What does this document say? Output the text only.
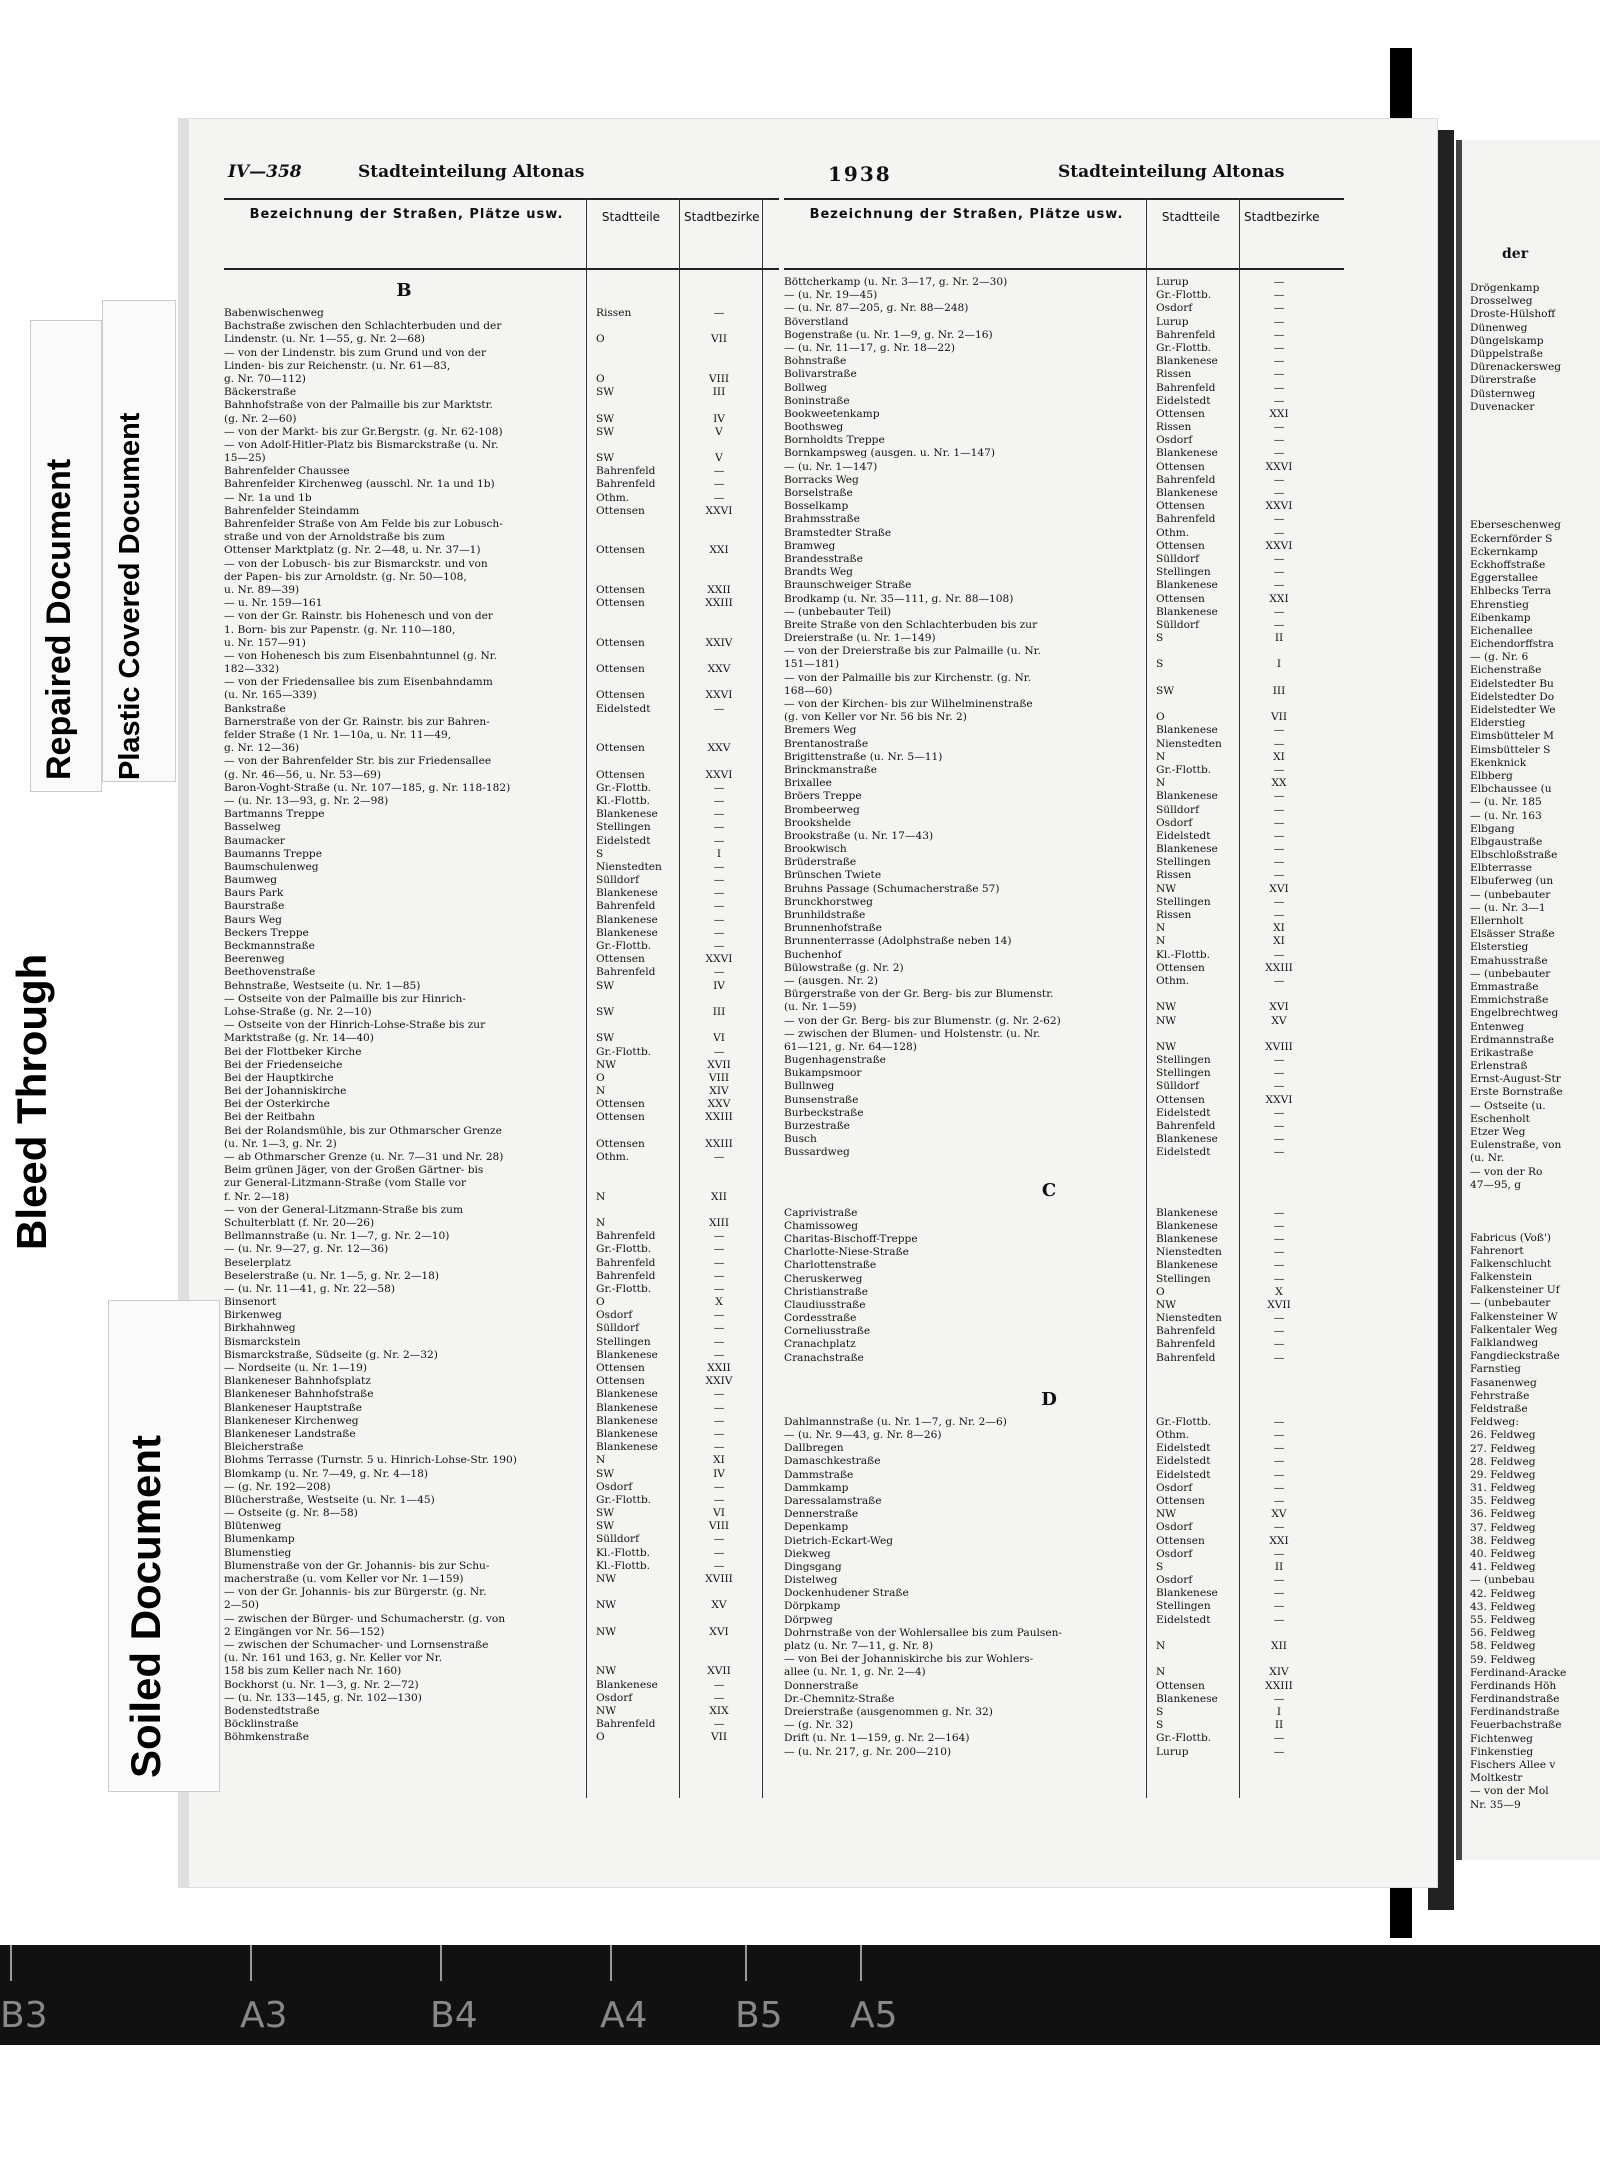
IV—358	Stadteinteilung Altonas	1938	Stadteinteilung Altonas
Bezeichnung der Straßen, Plätze usw.	Stadtteile	Stadtbezirke
B
Babenwischenweg	Rissen	—
Bachstraße zwischen den Schlachterbuden und der
Lindenstr. (u. Nr. 1—55, g. Nr. 2—68)	O	VII
— von der Lindenstr. bis zum Grund und von der
Linden- bis zur Reichenstr. (u. Nr. 61—83,
g. Nr. 70—112)	O	VIII
Bäckerstraße	SW	III
Bahnhofstraße von der Palmaille bis zur Marktstr.
(g. Nr. 2—60)	SW	IV
— von der Markt- bis zur Gr.Bergstr. (g. Nr. 62-108)	SW	V
— von Adolf-Hitler-Platz bis Bismarckstraße (u. Nr.
15—25)	SW	V
Bahrenfelder Chaussee	Bahrenfeld	—
Bahrenfelder Kirchenweg (ausschl. Nr. 1a und 1b)	Bahrenfeld	—
— Nr. 1a und 1b	Othm.	—
Bahrenfelder Steindamm	Ottensen	XXVI
Bahrenfelder Straße von Am Felde bis zur Lobusch-
straße und von der Arnoldstraße bis zum
Ottenser Marktplatz (g. Nr. 2—48, u. Nr. 37—1)	Ottensen	XXI
— von der Lobusch- bis zur Bismarckstr. und von
der Papen- bis zur Arnoldstr. (g. Nr. 50—108,
u. Nr. 89—39)	Ottensen	XXII
— u. Nr. 159—161	Ottensen	XXIII
— von der Gr. Rainstr. bis Hohenesch und von der
1. Born- bis zur Papenstr. (g. Nr. 110—180,
u. Nr. 157—91)	Ottensen	XXIV
— von Hohenesch bis zum Eisenbahntunnel (g. Nr.
182—332)	Ottensen	XXV
— von der Friedensallee bis zum Eisenbahndamm
(u. Nr. 165—339)	Ottensen	XXVI
Bankstraße	Eidelstedt	—
Barnerstraße von der Gr. Rainstr. bis zur Bahren-
felder Straße (1 Nr. 1—10a, u. Nr. 11—49,
g. Nr. 12—36)	Ottensen	XXV
— von der Bahrenfelder Str. bis zur Friedensallee
(g. Nr. 46—56, u. Nr. 53—69)	Ottensen	XXVI
Baron-Voght-Straße (u. Nr. 107—185, g. Nr. 118-182)	Gr.-Flottb.	—
— (u. Nr. 13—93, g. Nr. 2—98)	Kl.-Flottb.	—
Bartmanns Treppe	Blankenese	—
Basselweg	Stellingen	—
Baumacker	Eidelstedt	—
Baumanns Treppe	S	I
Baumschulenweg	Nienstedten	—
Baumweg	Sülldorf	—
Baurs Park	Blankenese	—
Baurstraße	Bahrenfeld	—
Baurs Weg	Blankenese	—
Beckers Treppe	Blankenese	—
Beckmannstraße	Gr.-Flottb.	—
Beerenweg	Ottensen	XXVI
Beethovenstraße	Bahrenfeld	—
Behnstraße, Westseite (u. Nr. 1—85)	SW	IV
— Ostseite von der Palmaille bis zur Hinrich-
Lohse-Straße (g. Nr. 2—10)	SW	III
— Ostseite von der Hinrich-Lohse-Straße bis zur
Marktstraße (g. Nr. 14—40)	SW	VI
Bei der Flottbeker Kirche	Gr.-Flottb.	—
Bei der Friedenseiche	NW	XVII
Bei der Hauptkirche	O	VIII
Bei der Johanniskirche	N	XIV
Bei der Osterkirche	Ottensen	XXV
Bei der Reitbahn	Ottensen	XXIII
Bei der Rolandsmühle, bis zur Othmarscher Grenze
(u. Nr. 1—3, g. Nr. 2)	Ottensen	XXIII
— ab Othmarscher Grenze (u. Nr. 7—31 und Nr. 28)	Othm.	—
Beim grünen Jäger, von der Großen Gärtner- bis
zur General-Litzmann-Straße (vom Stalle vor
f. Nr. 2—18)	N	XII
— von der General-Litzmann-Straße bis zum
Schulterblatt (f. Nr. 20—26)	N	XIII
Bellmannstraße (u. Nr. 1—7, g. Nr. 2—10)	Bahrenfeld	—
— (u. Nr. 9—27, g. Nr. 12—36)	Gr.-Flottb.	—
Beselerplatz	Bahrenfeld	—
Beselerstraße (u. Nr. 1—5, g. Nr. 2—18)	Bahrenfeld	—
— (u. Nr. 11—41, g. Nr. 22—58)	Gr.-Flottb.	—
Binsenort	O	X
Birkenweg	Osdorf	—
Birkhahnweg	Sülldorf	—
Bismarckstein	Stellingen	—
Bismarckstraße, Südseite (g. Nr. 2—32)	Blankenese	—
— Nordseite (u. Nr. 1—19)	Ottensen	XXII
Blankeneser Bahnhofsplatz	Ottensen	XXIV
Blankeneser Bahnhofstraße	Blankenese	—
Blankeneser Hauptstraße	Blankenese	—
Blankeneser Kirchenweg	Blankenese	—
Blankeneser Landstraße	Blankenese	—
Bleicherstraße	Blankenese	—
Blohms Terrasse (Turnstr. 5 u. Hinrich-Lohse-Str. 190)	N	XI
Blomkamp (u. Nr. 7—49, g. Nr. 4—18)	SW	IV
— (g. Nr. 192—208)	Osdorf	—
Blücherstraße, Westseite (u. Nr. 1—45)	Gr.-Flottb.	—
— Ostseite (g. Nr. 8—58)	SW	VI
Blütenweg	SW	VIII
Blumenkamp	Sülldorf	—
Blumenstieg	Kl.-Flottb.	—
Blumenstraße von der Gr. Johannis- bis zur Schu-	Kl.-Flottb.	—
macherstraße (u. vom Keller vor Nr. 1—159)	NW	XVIII
— von der Gr. Johannis- bis zur Bürgerstr. (g. Nr.
2—50)	NW	XV
— zwischen der Bürger- und Schumacherstr. (g. von
2 Eingängen vor Nr. 56—152)	NW	XVI
— zwischen der Schumacher- und Lornsenstraße
(u. Nr. 161 und 163, g. Nr. Keller vor Nr.
158 bis zum Keller nach Nr. 160)	NW	XVII
Bockhorst (u. Nr. 1—3, g. Nr. 2—72)	Blankenese	—
— (u. Nr. 133—145, g. Nr. 102—130)	Osdorf	—
Bodenstedtstraße	NW	XIX
Böcklinstraße	Bahrenfeld	—
Böhmkenstraße	O	VII
Bezeichnung der Straßen, Plätze usw.	Stadtteile	Stadtbezirke
Böttcherkamp (u. Nr. 3—17, g. Nr. 2—30)	Lurup	—
— (u. Nr. 19—45)	Gr.-Flottb.	—
— (u. Nr. 87—205, g. Nr. 88—248)	Osdorf	—
Böverstland	Lurup	—
Bogenstraße (u. Nr. 1—9, g. Nr. 2—16)	Bahrenfeld	—
— (u. Nr. 11—17, g. Nr. 18—22)	Gr.-Flottb.	—
Bohnstraße	Blankenese	—
Bolivarstraße	Rissen	—
Bollweg	Bahrenfeld	—
Boninstraße	Eidelstedt	—
Bookweetenkamp	Ottensen	XXI
Boothsweg	Rissen	—
Bornholdts Treppe	Osdorf	—
Bornkampsweg (ausgen. u. Nr. 1—147)	Blankenese	—
— (u. Nr. 1—147)	Ottensen	XXVI
Borracks Weg	Bahrenfeld	—
Borselstraße	Blankenese	—
Bosselkamp	Ottensen	XXVI
Brahmsstraße	Bahrenfeld	—
Bramstedter Straße	Othm.	—
Bramweg	Ottensen	XXVI
Brandesstraße	Sülldorf	—
Brandts Weg	Stellingen	—
Braunschweiger Straße	Blankenese	—
Brodkamp (u. Nr. 35—111, g. Nr. 88—108)	Ottensen	XXI
— (unbebauter Teil)	Blankenese	—
Breite Straße von den Schlachterbuden bis zur	Sülldorf	—
Dreierstraße (u. Nr. 1—149)	S	II
— von der Dreierstraße bis zur Palmaille (u. Nr.
151—181)	S	I
— von der Palmaille bis zur Kirchenstr. (g. Nr.
168—60)	SW	III
— von der Kirchen- bis zur Wilhelminenstraße
(g. von Keller vor Nr. 56 bis Nr. 2)	O	VII
Bremers Weg	Blankenese	—
Brentanostraße	Nienstedten	—
Brigittenstraße (u. Nr. 5—11)	N	XI
Brinckmanstraße	Gr.-Flottb.	—
Brixallee	N	XX
Bröers Treppe	Blankenese	—
Brombeerweg	Sülldorf	—
Brookshelde	Osdorf	—
Brookstraße (u. Nr. 17—43)	Eidelstedt	—
Brookwisch	Blankenese	—
Brüderstraße	Stellingen	—
Brünschen Twiete	Rissen	—
Bruhns Passage (Schumacherstraße 57)	NW	XVI
Brunckhorstweg	Stellingen	—
Brunhildstraße	Rissen	—
Brunnenhofstraße	N	XI
Brunnenterrasse (Adolphstraße neben 14)	N	XI
Buchenhof	Kl.-Flottb.	—
Bülowstraße (g. Nr. 2)	Ottensen	XXIII
— (ausgen. Nr. 2)	Othm.	—
Bürgerstraße von der Gr. Berg- bis zur Blumenstr.
(u. Nr. 1—59)	NW	XVI
— von der Gr. Berg- bis zur Blumenstr. (g. Nr. 2-62)	NW	XV
— zwischen der Blumen- und Holstenstr. (u. Nr.
61—121, g. Nr. 64—128)	NW	XVIII
Bugenhagenstraße	Stellingen	—
Bukampsmoor	Stellingen	—
Bullnweg	Sülldorf	—
Bunsenstraße	Ottensen	XXVI
Burbeckstraße	Eidelstedt	—
Burzestraße	Bahrenfeld	—
Busch	Blankenese	—
Bussardweg	Eidelstedt	—
C
Caprivistraße	Blankenese	—
Chamissoweg	Blankenese	—
Charitas-Bischoff-Treppe	Blankenese	—
Charlotte-Niese-Straße	Nienstedten	—
Charlottenstraße	Blankenese	—
Cheruskerweg	Stellingen	—
Christianstraße	O	X
Claudiusstraße	NW	XVII
Cordesstraße	Nienstedten	—
Corneliusstraße	Bahrenfeld	—
Cranachplatz	Bahrenfeld	—
Cranachstraße	Bahrenfeld	—
D
Dahlmannstraße (u. Nr. 1—7, g. Nr. 2—6)	Gr.-Flottb.	—
— (u. Nr. 9—43, g. Nr. 8—26)	Othm.	—
Dallbregen	Eidelstedt	—
Damaschkestraße	Eidelstedt	—
Dammstraße	Eidelstedt	—
Dammkamp	Osdorf	—
Daressalamstraße	Ottensen	—
Dennerstraße	NW	XV
Depenkamp	Osdorf	—
Dietrich-Eckart-Weg	Ottensen	XXI
Diekweg	Osdorf	—
Dingsgang	S	II
Distelweg	Osdorf	—
Dockenhudener Straße	Blankenese	—
Dörpkamp	Stellingen	—
Dörpweg	Eidelstedt	—
Dohrnstraße von der Wohlersallee bis zum Paulsen-
platz (u. Nr. 7—11, g. Nr. 8)	N	XII
— von Bei der Johanniskirche bis zur Wohlers-
allee (u. Nr. 1, g. Nr. 2—4)	N	XIV
Donnerstraße	Ottensen	XXIII
Dr.-Chemnitz-Straße	Blankenese	—
Dreierstraße (ausgenommen g. Nr. 32)	S	I
— (g. Nr. 32)	S	II
Drift (u. Nr. 1—159, g. Nr. 2—164)	Gr.-Flottb.	—
— (u. Nr. 217, g. Nr. 200—210)	Lurup	—
der
Drögenkamp
Drosselweg
Droste-Hülshoff
Dünenweg
Düngelskamp
Düppelstraße
Dürenackersweg
Dürerstraße
Düsternweg
Duvenacker
Eberseschenweg
Eckernförder S
Eckernkamp
Eckhoffstraße
Eggerstallee
Ehlbecks Terra
Ehrenstieg
Eibenkamp
Eichenallee
Eichendorffstra
— (g. Nr. 6
Eichenstraße
Eidelstedter Bu
Eidelstedter Do
Eidelstedter We
Elderstieg
Eimsbütteler M
Eimsbütteler S
Ekenknick
Elbberg
Elbchaussee (u
— (u. Nr. 185
— (u. Nr. 163
Elbgang
Elbgaustraße
Elbschloßstraße
Elbterrasse
Elbuferweg (un
— (unbebauter
— (u. Nr. 3—1
Ellernholt
Elsässer Straße
Elsterstieg
Emahusstraße
— (unbebauter
Emmastraße
Emmichstraße
Engelbrechtweg
Entenweg
Erdmannstraße
Erikastraße
Erlenstraß
Ernst-August-Str
Erste Bornstraße
— Ostseite (u.
Eschenholt
Etzer Weg
Eulenstraße, von
(u. Nr.
— von der Ro
47—95, g
Fabricus (Voß')
Fahrenort
Falkenschlucht
Falkenstein
Falkensteiner Uf
— (unbebauter
Falkensteiner W
Falkentaler Weg
Falklandweg
Fangdieckstraße
Farnstieg
Fasanenweg
Fehrstraße
Feldstraße
Feldweg:
26. Feldweg
27. Feldweg
28. Feldweg
29. Feldweg
31. Feldweg
35. Feldweg
36. Feldweg
37. Feldweg
38. Feldweg
40. Feldweg
41. Feldweg
— (unbebau
42. Feldweg
43. Feldweg
55. Feldweg
56. Feldweg
58. Feldweg
59. Feldweg
Ferdinand-Aracke
Ferdinands Höh
Ferdinandstraße
Ferdinandstraße
Feuerbachstraße
Fichtenweg
Finkenstieg
Fischers Allee v
Moltkestr
— von der Mol
Nr. 35—9
Repaired Document Plastic Covered Document
Bleed Through
Soiled Document
B3	A3	B4	A4 B5 A5
